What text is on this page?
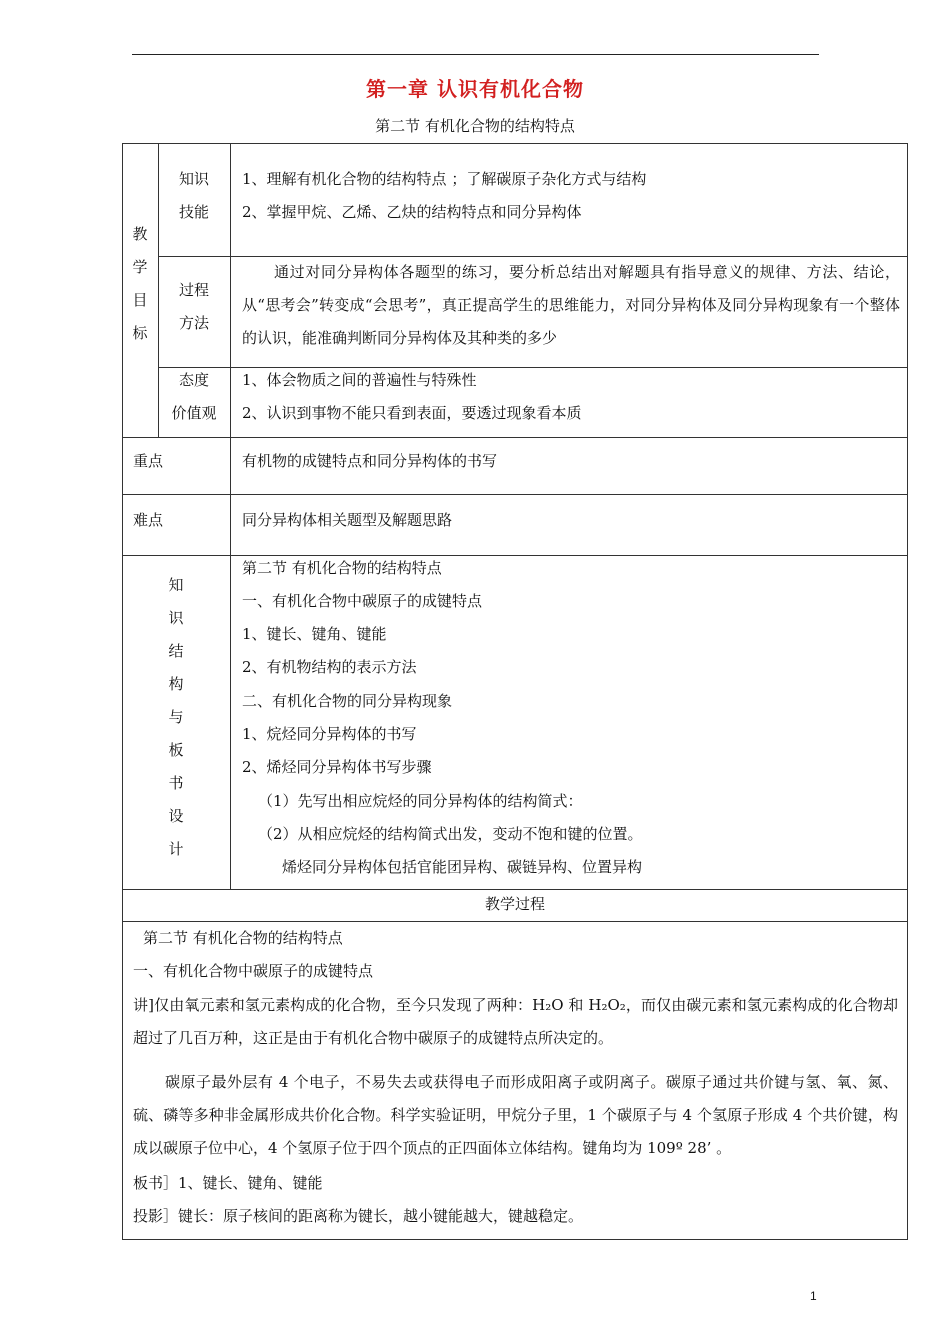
第一章 认识有机化合物
第二节 有机化合物的结构特点
教
学
目
标
知识
技能
1、理解有机化合物的结构特点 ；了解碳原子杂化方式与结构
2、掌握甲烷、乙烯、乙炔的结构特点和同分异构体
过程
方法
通过对同分异构体各题型的练习，要分析总结出对解题具有指导意义的规律、方法、结论，从“思考会”转变成“会思考”，真正提高学生的思维能力，对同分异构体及同分异构现象有一个整体的认识，能准确判断同分异构体及其种类的多少
态度
价值观
1、体会物质之间的普遍性与特殊性
2、认识到事物不能只看到表面，要透过现象看本质
重点	有机物的成键特点和同分异构体的书写
难点	同分异构体相关题型及解题思路
知
识
结
构
与
板
书
设
计
第二节 有机化合物的结构特点
一、有机化合物中碳原子的成键特点
1、键长、键角、键能
2、有机物结构的表示方法
二、有机化合物的同分异构现象
1、烷烃同分异构体的书写
2、烯烃同分异构体书写步骤
（1）先写出相应烷烃的同分异构体的结构简式：
（2）从相应烷烃的结构简式出发，变动不饱和键的位置。
烯烃同分异构体包括官能团异构、碳链异构、位置异构
教学过程
第二节 有机化合物的结构特点
一、有机化合物中碳原子的成键特点
讲]仅由氧元素和氢元素构成的化合物，至今只发现了两种：H₂O 和 H₂O₂，而仅由碳元素和氢元素构成的化合物却超过了几百万种，这正是由于有机化合物中碳原子的成键特点所决定的。
碳原子最外层有 4 个电子，不易失去或获得电子而形成阳离子或阴离子。碳原子通过共价键与氢、氧、氮、硫、磷等多种非金属形成共价化合物。科学实验证明，甲烷分子里，1 个碳原子与 4 个氢原子形成 4 个共价键，构成以碳原子位中心，4 个氢原子位于四个顶点的正四面体立体结构。键角均为 109º 28’ 。
板书］1、键长、键角、键能
投影］键长：原子核间的距离称为键长，越小键能越大，键越稳定。
1
